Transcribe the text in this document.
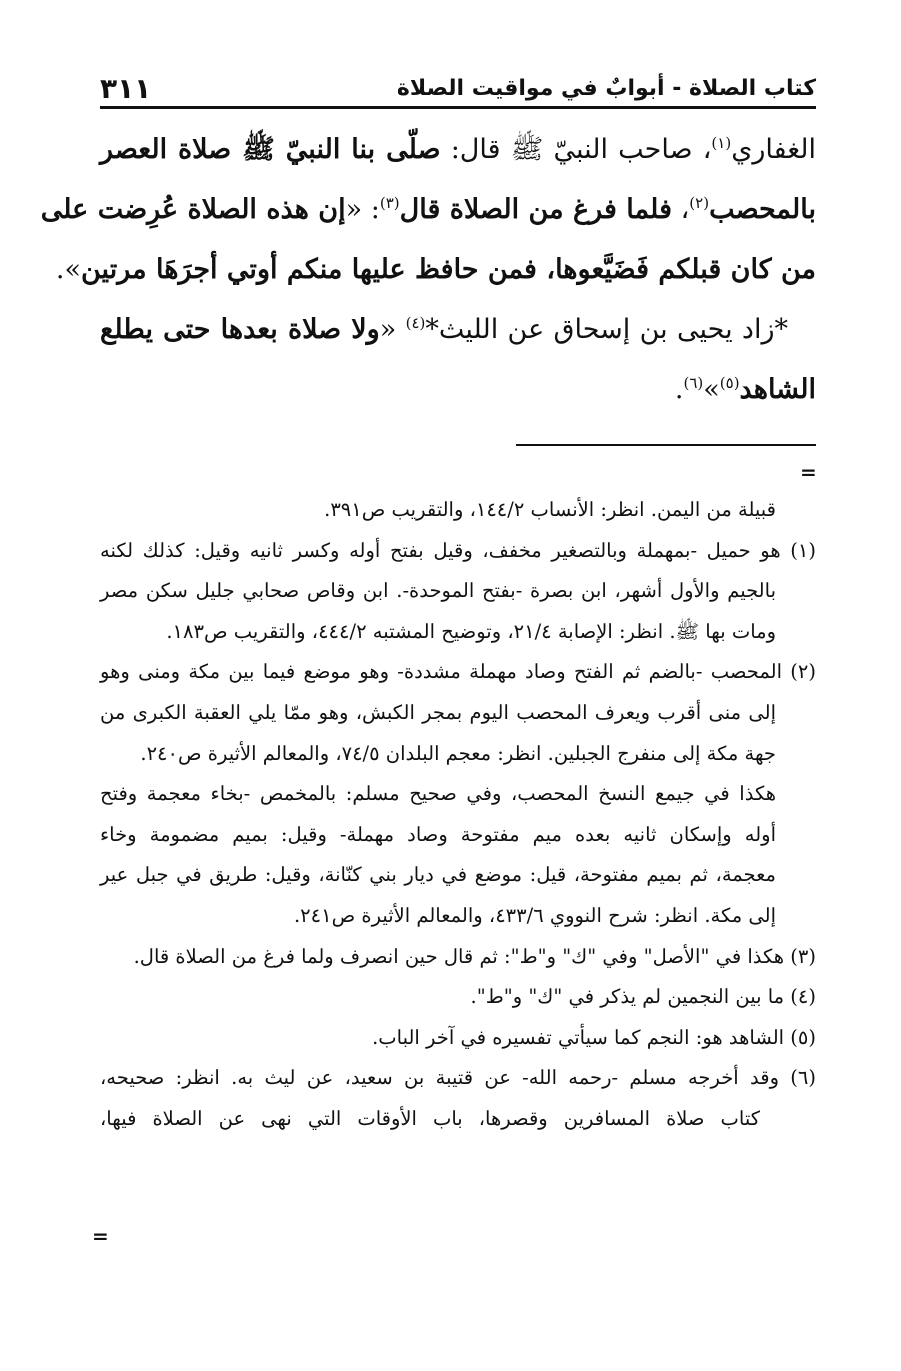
كتاب الصلاة - أبوابٌ في مواقيت الصلاة
٣١١
الغفاري$^{(١)}$، صاحب النبيّ ﷺ قال: صلّى بنا النبيّ ﷺ صلاة العصر
بالمحصب$^{(٢)}$، فلما فرغ من الصلاة قال$^{(٣)}$: «إن هذه الصلاة عُرِضت على
من كان قبلكم فَضَيَّعوها، فمن حافظ عليها منكم أوتي أجرَهَا مرتين».
*زاد يحيى بن إسحاق عن الليث*$^{(٤)}$ «ولا صلاة بعدها حتى يطلع
الشاهد$^{(٥)}$»$^{(٦)}$.
=
قبيلة من اليمن. انظر: الأنساب ١٤٤/٢، والتقريب ص٣٩١.
(١) هو حميل -بمهملة وبالتصغير مخفف، وقيل بفتح أوله وكسر ثانيه وقيل: كذلك لكنه
بالجيم والأول أشهر، ابن بصرة -بفتح الموحدة-. ابن وقاص صحابي جليل سكن مصر
ومات بها ﷺ. انظر: الإصابة ٢١/٤، وتوضيح المشتبه ٤٤٤/٢، والتقريب ص١٨٣.
(٢) المحصب -بالضم ثم الفتح وصاد مهملة مشددة- وهو موضع فيما بين مكة ومنى وهو
إلى منى أقرب ويعرف المحصب اليوم بمجر الكبش، وهو ممّا يلي العقبة الكبرى من
جهة مكة إلى منفرج الجبلين. انظر: معجم البلدان ٧٤/٥، والمعالم الأثيرة ص٢٤٠.
هكذا في جيمع النسخ المحصب، وفي صحيح مسلم: بالمخمص -بخاء معجمة وفتح
أوله وإسكان ثانيه بعده ميم مفتوحة وصاد مهملة- وقيل: بميم مضمومة وخاء
معجمة، ثم بميم مفتوحة، قيل: موضع في ديار بني كنّانة، وقيل: طريق في جبل عير
إلى مكة. انظر: شرح النووي ٤٣٣/٦، والمعالم الأثيرة ص٢٤١.
(٣) هكذا في "الأصل" وفي "ك" و"ط": ثم قال حين انصرف ولما فرغ من الصلاة قال.
(٤) ما بين النجمين لم يذكر في "ك" و"ط".
(٥) الشاهد هو: النجم كما سيأتي تفسيره في آخر الباب.
(٦) وقد أخرجه مسلم -رحمه الله- عن قتيبة بن سعيد، عن ليث به. انظر: صحيحه،
كتاب صلاة المسافرين وقصرها، باب الأوقات التي نهى عن الصلاة فيها،
=
